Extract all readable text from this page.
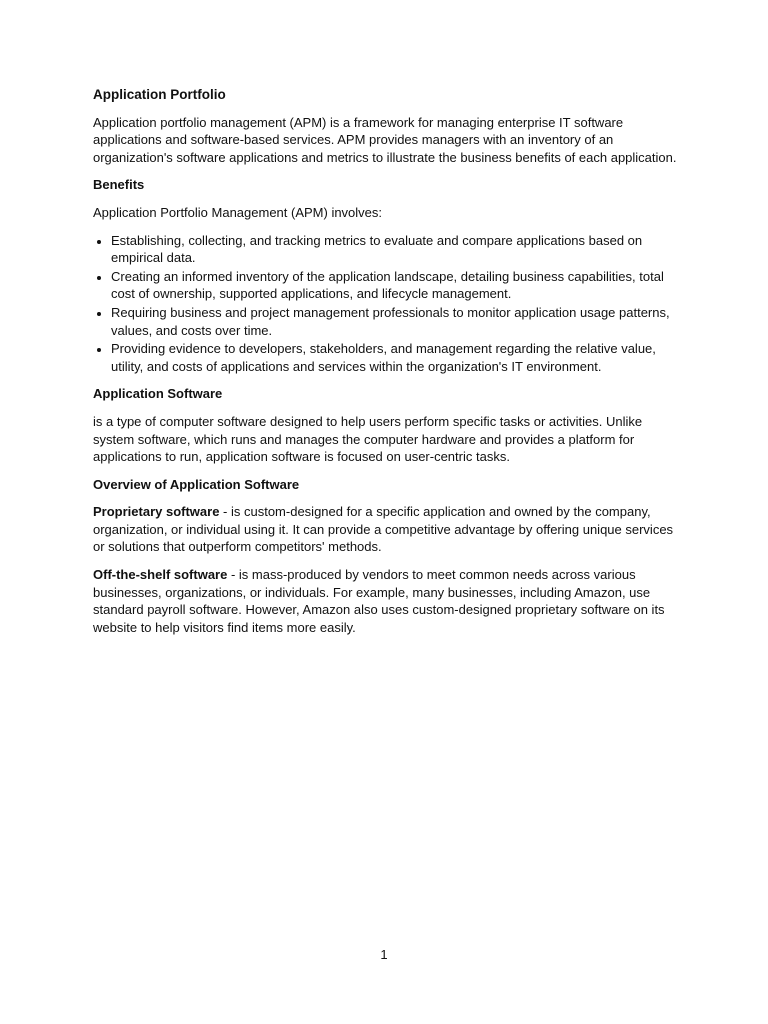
Application Portfolio

Application portfolio management (APM) is a framework for managing enterprise IT software applications and software-based services. APM provides managers with an inventory of an organization's software applications and metrics to illustrate the business benefits of each application.

Benefits

Application Portfolio Management (APM) involves:

• Establishing, collecting, and tracking metrics to evaluate and compare applications based on empirical data.
• Creating an informed inventory of the application landscape, detailing business capabilities, total cost of ownership, supported applications, and lifecycle management.
• Requiring business and project management professionals to monitor application usage patterns, values, and costs over time.
• Providing evidence to developers, stakeholders, and management regarding the relative value, utility, and costs of applications and services within the organization's IT environment.
Application Software

is a type of computer software designed to help users perform specific tasks or activities. Unlike system software, which runs and manages the computer hardware and provides a platform for applications to run, application software is focused on user-centric tasks.

Overview of Application Software

Proprietary software - is custom-designed for a specific application and owned by the company, organization, or individual using it. It can provide a competitive advantage by offering unique services or solutions that outperform competitors' methods.

Off-the-shelf software - is mass-produced by vendors to meet common needs across various businesses, organizations, or individuals. For example, many businesses, including Amazon, use standard payroll software. However, Amazon also uses custom-designed proprietary software on its website to help visitors find items more easily.

1
